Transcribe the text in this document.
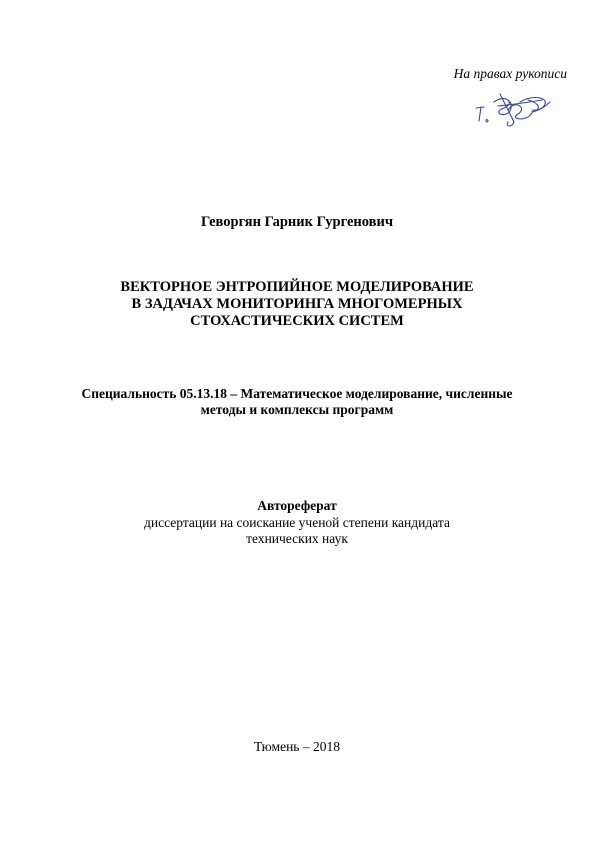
На правах рукописи
Геворгян Гарник Гургенович
ВЕКТОРНОЕ ЭНТРОПИЙНОЕ МОДЕЛИРОВАНИЕ
В ЗАДАЧАХ МОНИТОРИНГА МНОГОМЕРНЫХ
СТОХАСТИЧЕСКИХ СИСТЕМ
Специальность 05.13.18 – Математическое моделирование, численные
методы и комплексы программ
Автореферат
диссертации на соискание ученой степени кандидата
технических наук
Тюмень – 2018
